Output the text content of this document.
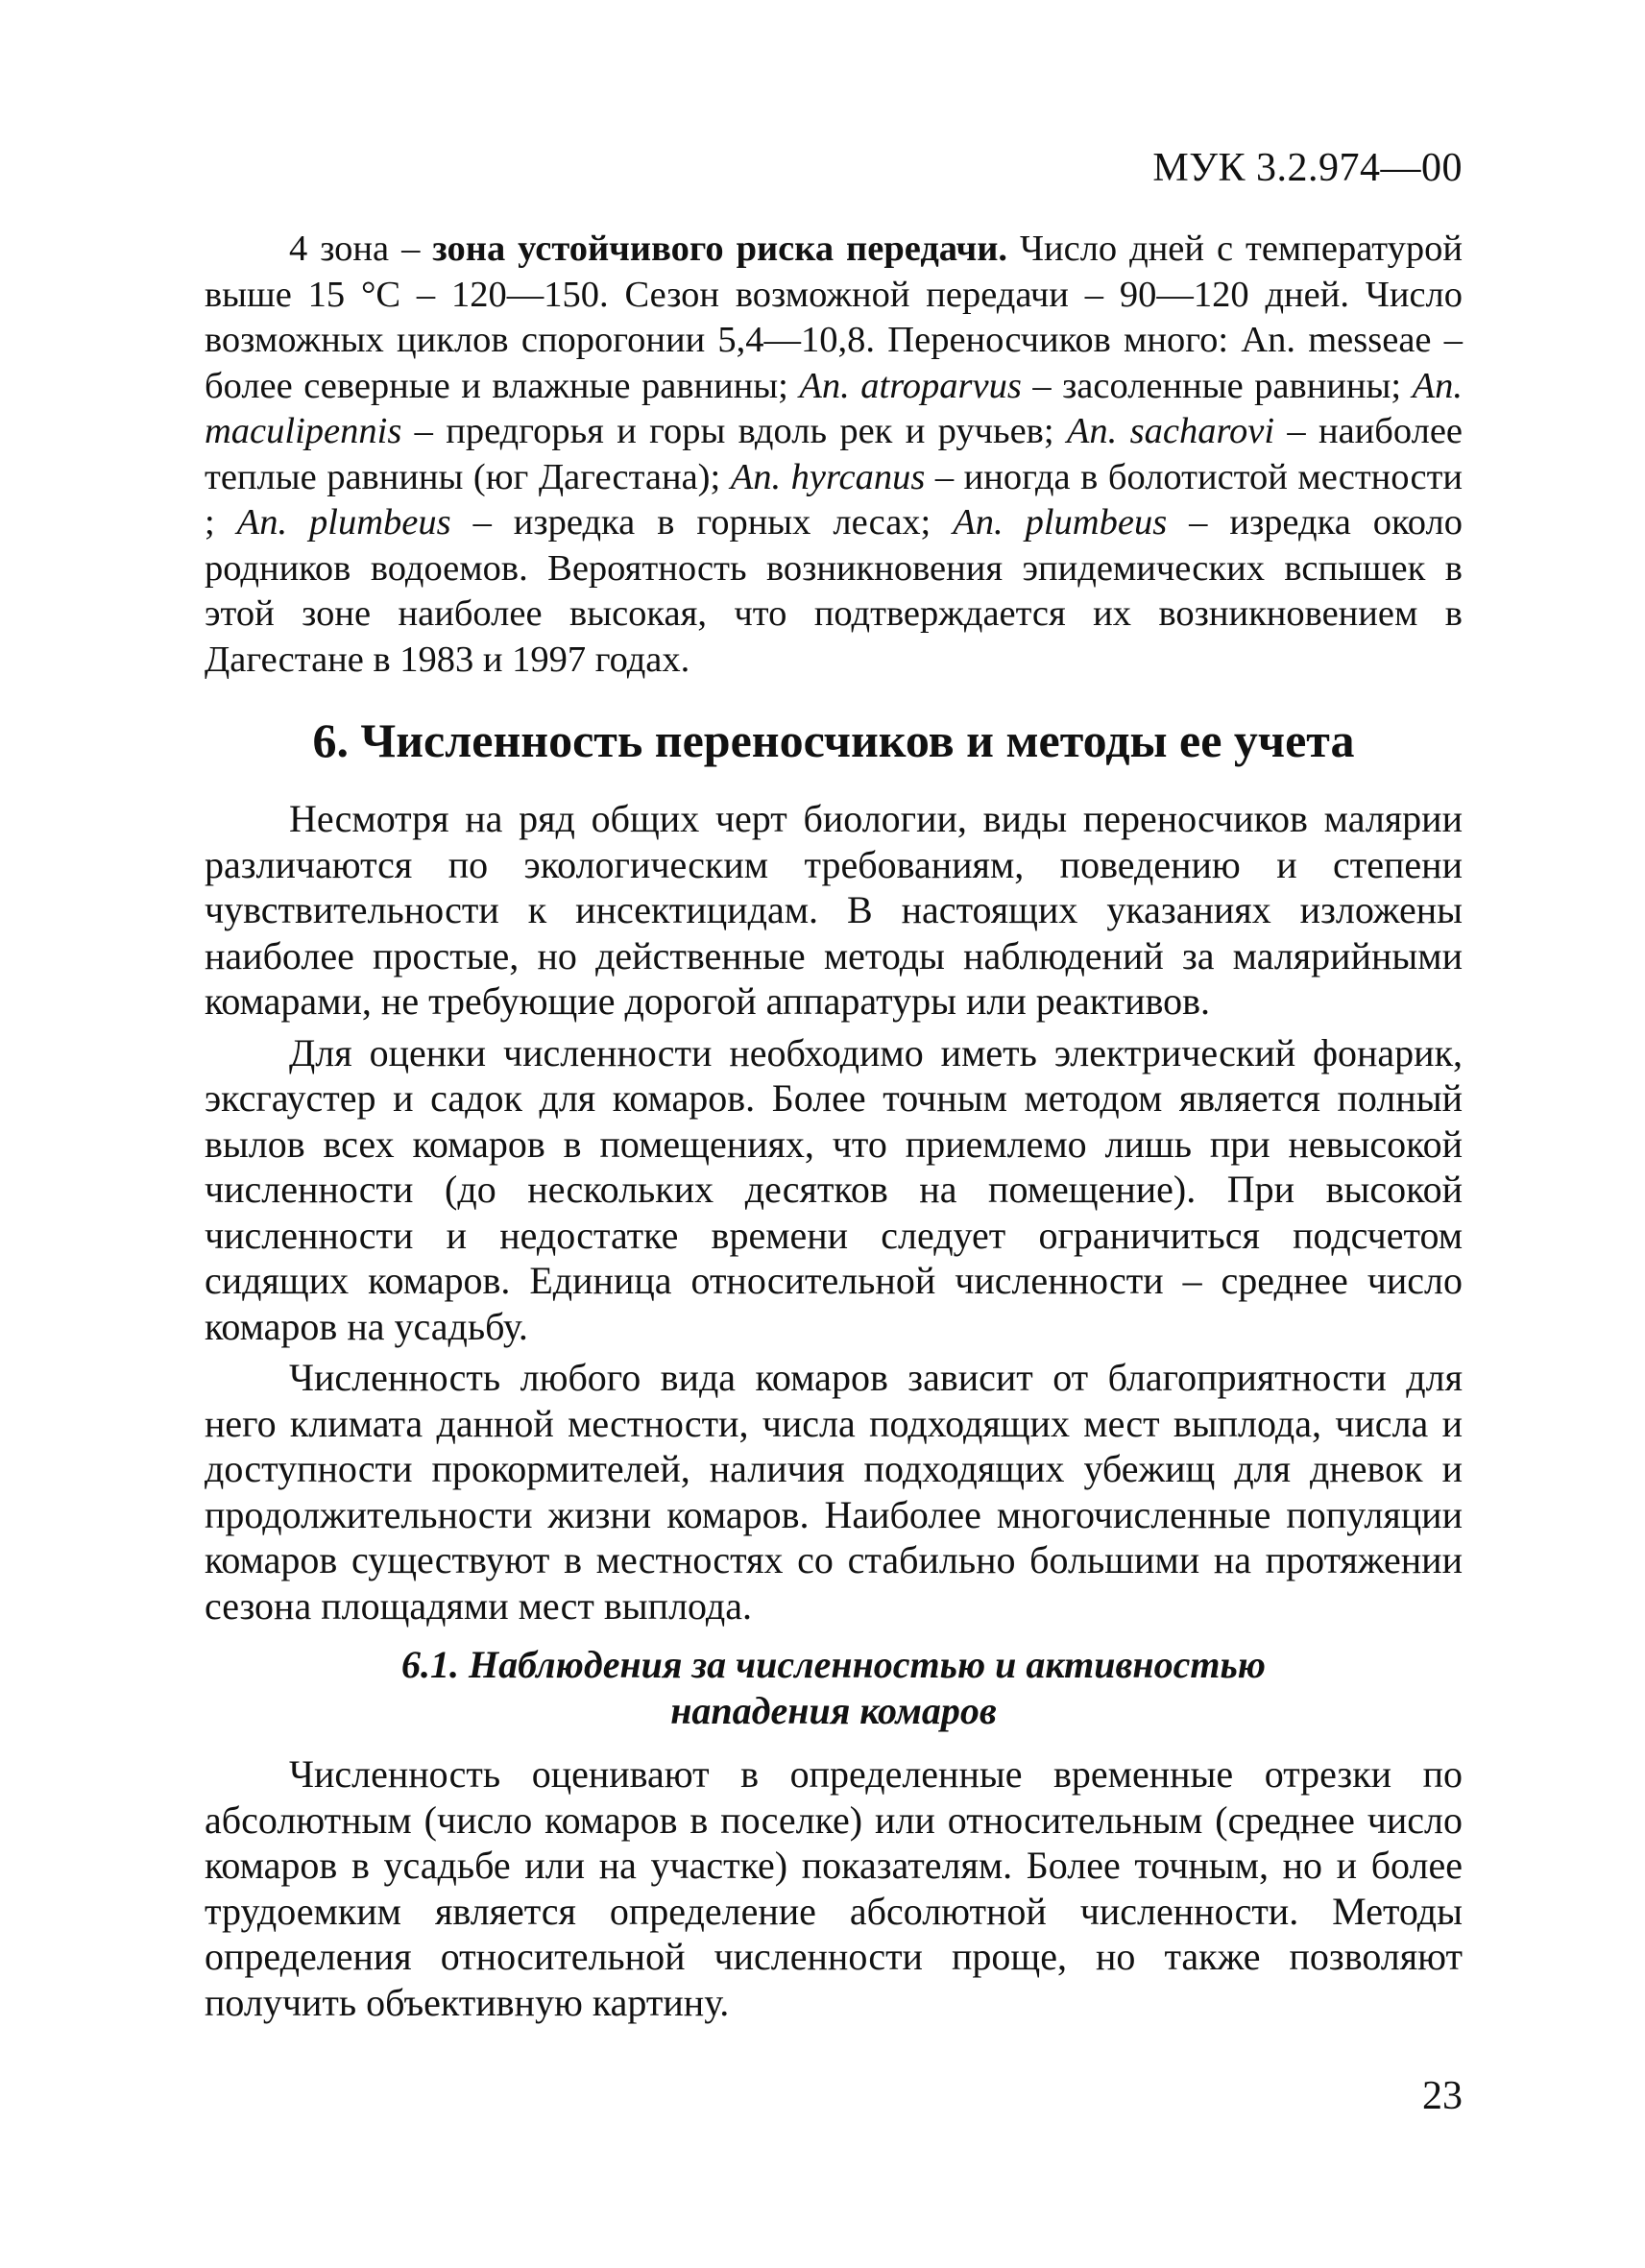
МУК 3.2.974—00

4 зона – зона устойчивого риска передачи. Число дней с температурой выше 15 °С – 120—150. Сезон возможной передачи – 90—120 дней. Число возможных циклов спорогонии 5,4—10,8. Переносчиков много: An. messeae – более северные и влажные равнины; An. atroparvus – засоленные равнины; An. maculipennis – предгорья и горы вдоль рек и ручьев; An. sacharovi – наиболее теплые равнины (юг Дагестана); An. hyrcanus – иногда в болотистой местности ; An. plumbeus – изредка в горных лесах; An. plumbeus – изредка около родников водоемов. Вероятность возникновения эпидемических вспышек в этой зоне наиболее высокая, что подтверждается их возникновением в Дагестане в 1983 и 1997 годах.

6. Численность переносчиков и методы ее учета

Несмотря на ряд общих черт биологии, виды переносчиков малярии различаются по экологическим требованиям, поведению и степени чувствительности к инсектицидам. В настоящих указаниях изложены наиболее простые, но действенные методы наблюдений за малярийными комарами, не требующие дорогой аппаратуры или реактивов.

Для оценки численности необходимо иметь электрический фонарик, эксгаустер и садок для комаров. Более точным методом является полный вылов всех комаров в помещениях, что приемлемо лишь при невысокой численности (до нескольких десятков на помещение). При высокой численности и недостатке времени следует ограничиться подсчетом сидящих комаров. Единица относительной численности – среднее число комаров на усадьбу.

Численность любого вида комаров зависит от благоприятности для него климата данной местности, числа подходящих мест выплода, числа и доступности прокормителей, наличия подходящих убежищ для дневок и продолжительности жизни комаров. Наиболее многочисленные популяции комаров существуют в местностях со стабильно большими на протяжении сезона площадями мест выплода.

6.1. Наблюдения за численностью и активностью
нападения комаров

Численность оценивают в определенные временные отрезки по абсолютным (число комаров в поселке) или относительным (среднее число комаров в усадьбе или на участке) показателям. Более точным, но и более трудоемким является определение абсолютной численности. Методы определения относительной численности проще, но также позволяют получить объективную картину.

23
